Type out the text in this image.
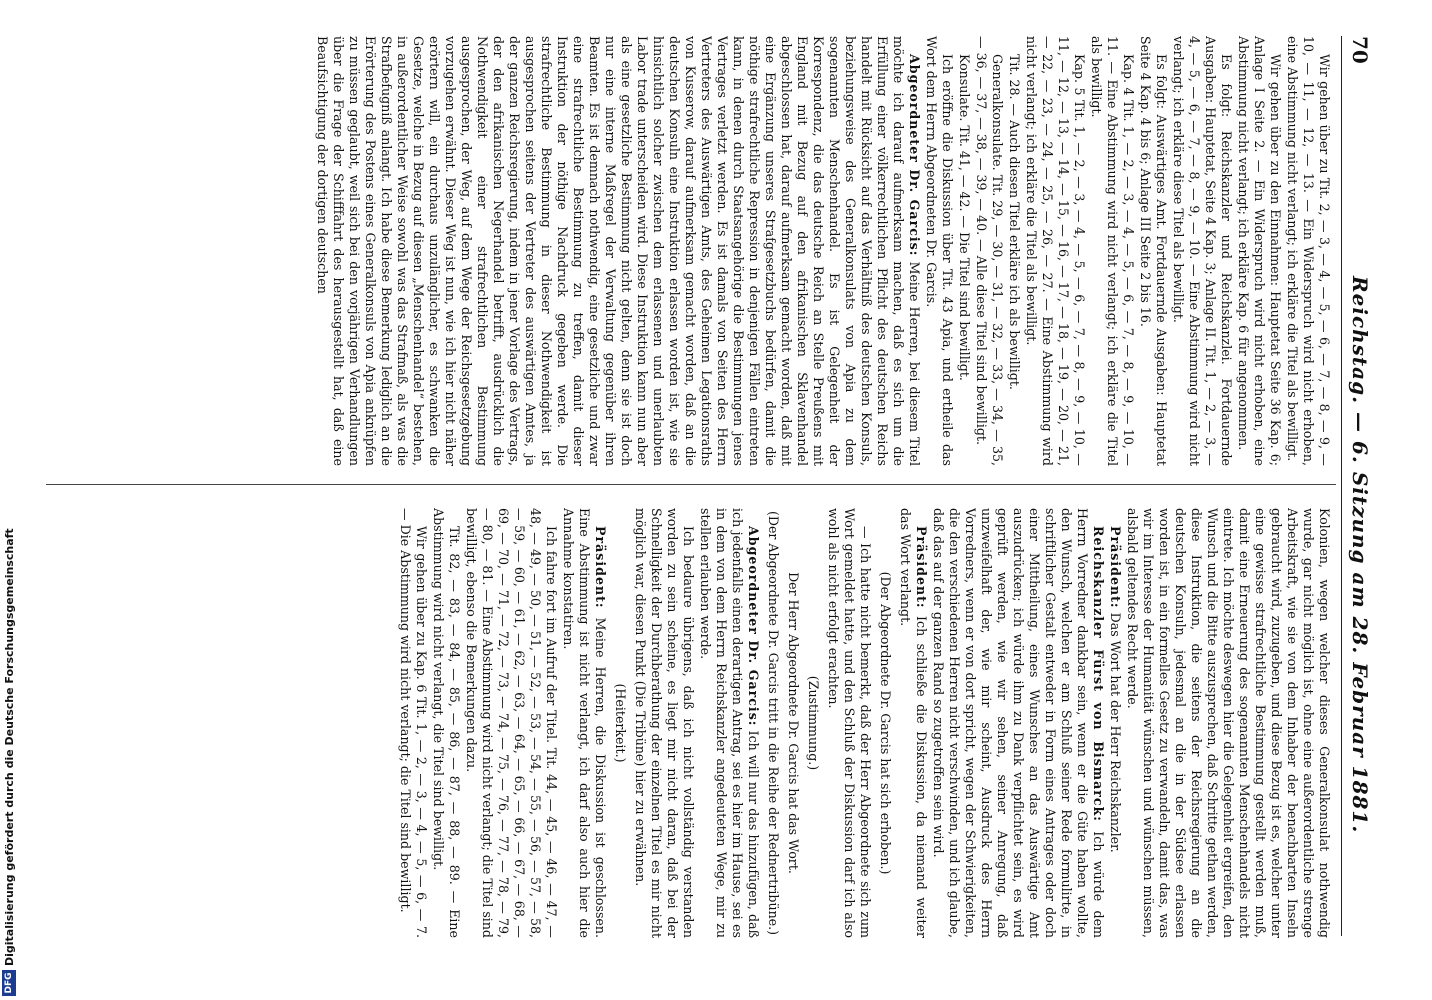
70
Reichstag. — 6. Sitzung am 28. Februar 1881.

Wir gehen über zu Tit. 2, — 3, — 4, — 5, — 6, — 7, — 8, — 9, — 10, — 11, — 12, — 13. — Ein Widerspruch wird nicht erhoben, eine Abstimmung nicht verlangt; ich erkläre die Titel als bewilligt.

Wir gehen über zu den Einnahmen: Hauptetat Seite 36 Kap. 6; Anlage I Seite 2. — Ein Widerspruch wird nicht erhoben, eine Abstimmung nicht verlangt; ich erkläre Kap. 6 für angenommen.

Es folgt: Reichskanzler und Reichskanzlei. Fortdauernde Ausgaben: Hauptetat, Seite 4 Kap. 3; Anlage II. Tit. 1, — 2, — 3, — 4, — 5, — 6, — 7, — 8, — 9, — 10. — Eine Abstimmung wird nicht verlangt; ich erkläre diese Titel als bewilligt.

Es folgt: Auswärtiges Amt. Fortdauernde Ausgaben: Hauptetat Seite 4 Kap. 4 bis 6; Anlage III Seite 2 bis 16.

Kap. 4 Tit. 1, — 2, — 3, — 4, — 5, — 6, — 7, — 8, — 9, — 10, — 11. — Eine Abstimmung wird nicht verlangt; ich erkläre die Titel als bewilligt.

Kap. 5 Tit. 1, — 2, — 3, — 4, — 5, — 6, — 7, — 8, — 9, — 10, — 11, — 12, — 13, — 14, — 15, — 16, — 17, — 18, — 19, — 20, — 21, — 22, — 23, — 24, — 25, — 26, — 27. — Eine Abstimmung wird nicht verlangt; ich erkläre die Titel als bewilligt.

Tit. 28. — Auch diesen Titel erkläre ich als bewilligt.

Generalkonsulate. Tit. 29, — 30, — 31, — 32, — 33, — 34, — 35, — 36, — 37, — 38, — 39, — 40. — Alle diese Titel sind bewilligt.

Konsulate. Tit. 41, — 42. — Die Titel sind bewilligt.

Ich eröffne die Diskussion über Tit. 43 Apia, und ertheile das Wort dem Herrn Abgeordneten Dr. Garcis.

Abgeordneter Dr. Garcis: Meine Herren, bei diesem Titel möchte ich darauf aufmerksam machen, daß es sich um die Erfüllung einer völkerrechtlichen Pflicht des deutschen Reichs handelt mit Rücksicht auf das Verhältniß des deutschen Konsuls, beziehungsweise des Generalkonsulats von Apia zu dem sogenannten Menschenhandel. Es ist Gelegenheit der Korrespondenz, die das deutsche Reich an Stelle Preußens mit England mit Bezug auf den afrikanischen Sklavenhandel abgeschlossen hat, darauf aufmerksam gemacht worden, daß mit eine Ergänzung unseres Strafgesetzbuchs bedürfen, damit die nöthige strafrechtliche Repression in denjenigen Fällen eintreten kann, in denen durch Staatsangehörige die Bestimmungen jenes Vertrages verletzt werden. Es ist damals von Seiten des Herrn Vertreters des Auswärtigen Amts, des Geheimen Legationsraths von Kusserow, darauf aufmerksam gemacht worden, daß an die deutschen Konsuln eine Instruktion erlassen worden ist, wie sie hinsichtlich solcher zwischen dem erlassenen und unerlaubten Labor trade unterscheiden wird. Diese Instruktion kann nun aber als eine gesetzliche Bestimmung nicht gelten, denn sie ist doch nur eine interne Maßregel der Verwaltung gegenüber ihren Beamten. Es ist demnach nothwendig, eine gesetzliche und zwar eine strafrechtliche Bestimmung zu treffen, damit dieser Instruktion der nöthige Nachdruck gegeben werde. Die strafrechtliche Bestimmung in dieser Nothwendigkeit ist ausgesprochen seitens der Vertreter des auswärtigen Amtes, ja der ganzen Reichsregierung, indem in jener Vorlage des Vertrags, der den afrikanischen Negerhandel betrifft, ausdrücklich die Nothwendigkeit einer strafrechtlichen Bestimmung ausgesprochen, der Weg, auf dem Wege der Reichsgesetzgebung vorzugehen erwähnt. Dieser Weg ist nun, wie ich hier nicht näher erörtern will, ein durchaus unzulänglicher, es schwanken die Gesetze, welche in Bezug auf diesen „Menschenhandel“ bestehen, in außerordentlicher Weise sowohl was das Strafmaß, als was die Strafbefugniß anlangt. Ich habe diese Bemerkung lediglich an die Erörterung des Postens eines Generalkonsuls von Apia anknüpfen zu müssen geglaubt, weil sich bei den vorjährigen Verhandlungen über die Frage der Schifffahrt des herausgestellt hat, daß eine Beaufsichtigung der dortigen deutschen

Kolonien, wegen welcher dieses Generalkonsulat nothwendig wurde, gar nicht möglich ist, ohne eine außerordentliche strenge Arbeitskraft, wie sie von dem Inhaber der benachbarten Inseln gebraucht wird, zuzugeben, und diese Bezug ist es, welcher unter eine gewisse strafrechtliche Bestimmung gestellt werden muß, damit eine Erneuerung des sogenannten Menschenhandels nicht eintrete. Ich möchte deswegen hier die Gelegenheit ergreifen, den Wunsch und die Bitte auszusprechen, daß Schritte gethan werden, diese Instruktion, die seitens der Reichsregierung an die deutschen Konsuln, jedesmal an die in der Südsee erlassen worden ist, in ein formelles Gesetz zu verwandeln, damit das, was wir im Interesse der Humanität wünschen und wünschen müssen, alsbald geltendes Recht werde.

Präsident: Das Wort hat der Herr Reichskanzler.

Reichskanzler Fürst von Bismarck: Ich würde dem Herrn Vorredner dankbar sein, wenn er die Güte haben wollte, den Wunsch, welchen er am Schluß seiner Rede formulirte, in schriftlicher Gestalt entweder in Form eines Antrages oder doch einer Mittheilung, eines Wunsches an das Auswärtige Amt auszudrücken; ich würde ihm zu Dank verpflichtet sein, es wird geprüft werden, wie wir sehen, seiner Anregung, daß unzweifelhaft der, wie mir scheint, Ausdruck des Herrn Vorredners, wenn er von dort spricht, wegen der Schwierigkeiten, die den verschiedenen Herren nicht verschwinden, und ich glaube, daß das auf der ganzen Rand so zugetroffen sein wird.

Präsident: Ich schließe die Diskussion, da niemand weiter das Wort verlangt.

(Der Abgeordnete Dr. Garcis hat sich erhoben.)

— Ich hatte nicht bemerkt, daß der Herr Abgeordnete sich zum Wort gemeldet hatte, und den Schluß der Diskussion darf ich also wohl als nicht erfolgt erachten.

(Zustimmung.)

Der Herr Abgeordnete Dr. Garcis hat das Wort.

(Der Abgeordnete Dr. Garcis tritt in die Reihe der Rednertribüne.)

Abgeordneter Dr. Garcis: Ich will nur das hinzufügen, daß ich jedenfalls einen derartigen Antrag, sei es hier im Hause, sei es in dem von dem Herrn Reichskanzler angedeuteten Wege, mir zu stellen erlauben werde.

Ich bedaure übrigens, daß ich nicht vollständig verstanden worden zu sein scheine, es liegt mir nicht daran, daß bei der Schnelligkeit der Durchberathung der einzelnen Titel es mir nicht möglich war, diesen Punkt (Die Tribüne) hier zu erwähnen.

(Heiterkeit.)

Präsident: Meine Herren, die Diskussion ist geschlossen. Eine Abstimmung ist nicht verlangt, ich darf also auch hier die Annahme konstatiren.

Ich fahre fort im Aufruf der Titel. Tit. 44, — 45, — 46, — 47, — 48, — 49, — 50, — 51, — 52, — 53, — 54, — 55, — 56, — 57, — 58, — 59, — 60, — 61, — 62, — 63, — 64, — 65, — 66, — 67, — 68, — 69, — 70, — 71, — 72, — 73, — 74, — 75, — 76, — 77, — 78, — 79, — 80, — 81. — Eine Abstimmung wird nicht verlangt; die Titel sind bewilligt, ebenso die Bemerkungen dazu.

Tit. 82, — 83, — 84, — 85, — 86, — 87, — 88, — 89. — Eine Abstimmung wird nicht verlangt, die Titel sind bewilligt.

Wir gehen über zu Kap. 6 Tit. 1, — 2, — 3, — 4, — 5, — 6, — 7. — Die Abstimmung wird nicht verlangt; die Titel sind bewilligt.

DFG
Digitalisierung gefördert durch die Deutsche Forschungsgemeinschaft
